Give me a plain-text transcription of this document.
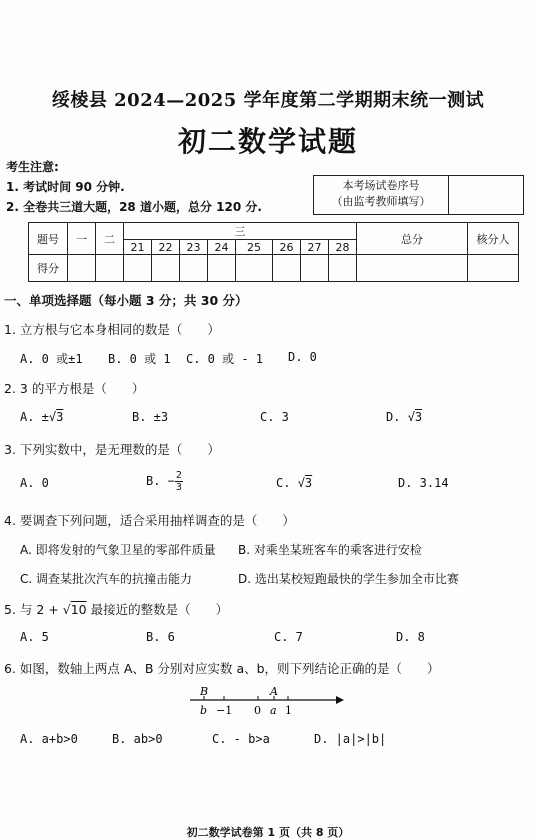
绥棱县 2024—2025 学年度第二学期期末统一测试
初二数学试题
考生注意:
1. 考试时间 90 分钟.
2. 全卷共三道大题，28 道小题，总分 120 分.
本考场试卷序号
（由监考教师填写）
题号	一	二	三								总分	核分人
			21	22	23	24	25	26	27	28		
得分												
一、单项选择题（每小题 3 分；共 30 分）
1. 立方根与它本身相同的数是（　　）
A. 0 或±1 B. 0 或 1 C. 0 或 - 1 D. 0
2. 3 的平方根是（　　）
A. ±√3	B. ±3	C. 3	D. √3
3. 下列实数中，是无理数的是（　　）
A. 0	B. − $\frac{2}{3}$	C. √3	D. 3.14
4. 要调查下列问题，适合采用抽样调查的是（　　）
A. 即将发射的气象卫星的零部件质量 B. 对乘坐某班客车的乘客进行安检
C. 调查某批次汽车的抗撞击能力	D. 选出某校短跑最快的学生参加全市比赛
5. 与 2 + √10 最接近的整数是（　　）
A. 5	B. 6	C. 7	D. 8
6. 如图，数轴上两点 A、B 分别对应实数 a、b，则下列结论正确的是（　　）
B	A
b −1 0 a 1
A. a+b>0	B. ab>0	C. - b>a	D. |a|>|b|
初二数学试卷第 1 页（共 8 页）
